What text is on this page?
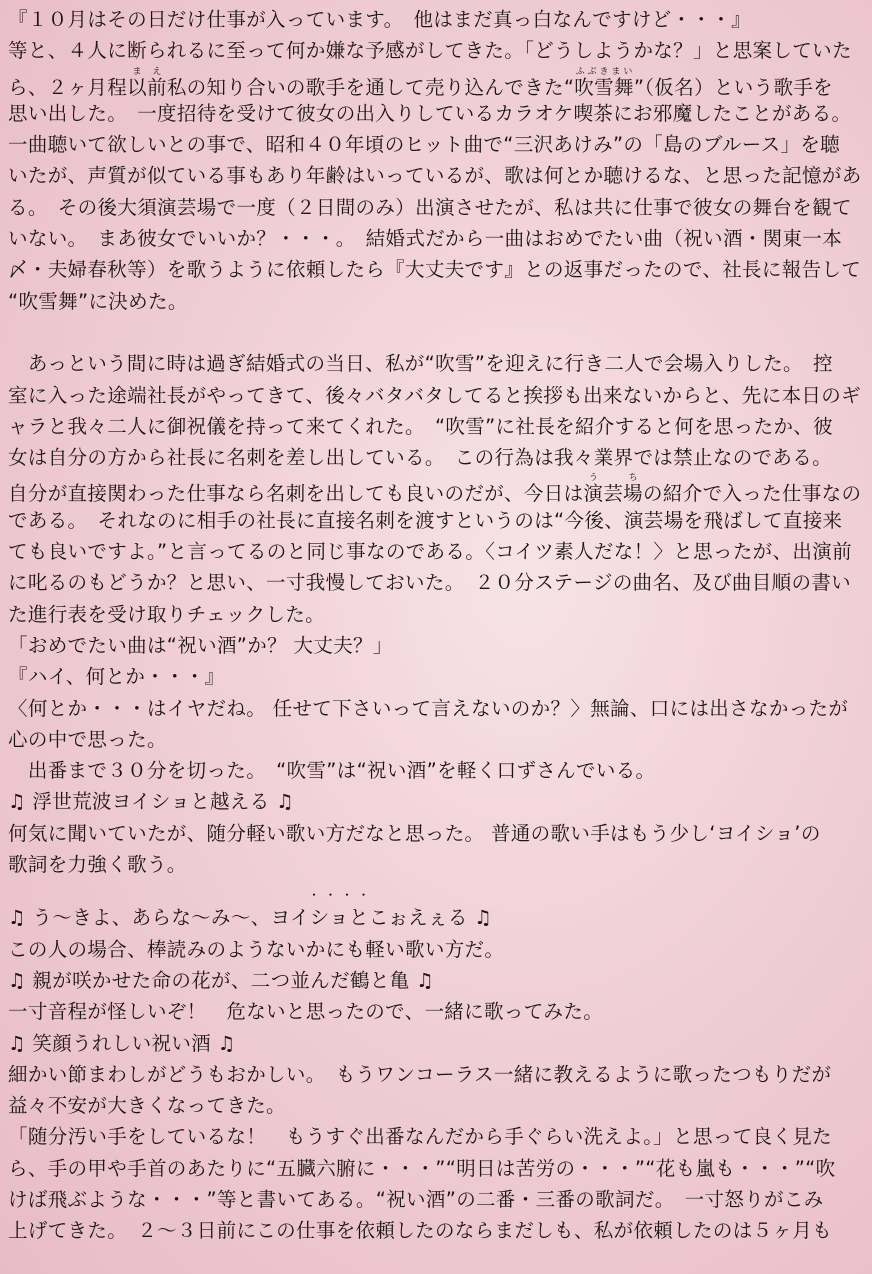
『１０月はその日だけ仕事が入っています。　他はまだ真っ白なんですけど・・・』
等と、４人に断られるに至って何か嫌な予感がしてきた。「どうしようかな？」と思案していた
ら、２ヶ月程以前まえ私の知り合いの歌手を通して売り込んできた“吹雪舞ふぶきまい”（仮名）という歌手を
思い出した。　一度招待を受けて彼女の出入りしているカラオケ喫茶にお邪魔したことがある。
一曲聴いて欲しいとの事で、昭和４０年頃のヒット曲で“三沢あけみ”の「島のブルース」を聴
いたが、声質が似ている事もあり年齢はいっているが、歌は何とか聴けるな、と思った記憶があ
る。　その後大須演芸場で一度（２日間のみ）出演させたが、私は共に仕事で彼女の舞台を観て
いない。　まあ彼女でいいか？・・・。　結婚式だから一曲はおめでたい曲（祝い酒・関東一本
〆・夫婦春秋等）を歌うように依頼したら『大丈夫です』との返事だったので、社長に報告して
“吹雪舞”に決めた。
　あっという間に時は過ぎ結婚式の当日、私が“吹雪”を迎えに行き二人で会場入りした。　控
室に入った途端社長がやってきて、後々バタバタしてると挨拶も出来ないからと、先に本日のギ
ャラと我々二人に御祝儀を持って来てくれた。　“吹雪”に社長を紹介すると何を思ったか、彼
女は自分の方から社長に名刺を差し出している。　この行為は我々業界では禁止なのである。
自分が直接関わった仕事なら名刺を出しても良いのだが、今日は演芸場う　ちの紹介で入った仕事なの
である。　それなのに相手の社長に直接名刺を渡すというのは“今後、演芸場を飛ばして直接来
ても良いですよ。”と言ってるのと同じ事なのである。〈コイツ素人だな！〉と思ったが、出演前
に叱るのもどうか？と思い、一寸我慢しておいた。　２０分ステージの曲名、及び曲目順の書い
た進行表を受け取りチェックした。
「おめでたい曲は“祝い酒”か？ 大丈夫？」
『ハイ、何とか・・・』
〈何とか・・・はイヤだね。 任せて下さいって言えないのか？〉無論、口には出さなかったが
心の中で思った。
　出番まで３０分を切った。　“吹雪”は“祝い酒”を軽く口ずさんでいる。
♫ 浮世荒波ヨイショと越える ♫
何気に聞いていたが、随分軽い歌い方だなと思った。 普通の歌い手はもう少し‘ヨイショ’の
歌詞を力強く歌う。
・ ・ ・ ・
♫ う～きよ、あらな～み～、ヨイショとこぉえぇる ♫
この人の場合、棒読みのようないかにも軽い歌い方だ。
♫ 親が咲かせた命の花が、二つ並んだ鶴と亀 ♫
一寸音程が怪しいぞ！　危ないと思ったので、一緒に歌ってみた。
♫ 笑顔うれしい祝い酒 ♫
細かい節まわしがどうもおかしい。　もうワンコーラス一緒に教えるように歌ったつもりだが
益々不安が大きくなってきた。
「随分汚い手をしているな！　もうすぐ出番なんだから手ぐらい洗えよ。」と思って良く見た
ら、手の甲や手首のあたりに“五臓六腑に・・・”“明日は苦労の・・・”“花も嵐も・・・”“吹
けば飛ぶような・・・”等と書いてある。“祝い酒”の二番・三番の歌詞だ。　一寸怒りがこみ
上げてきた。　２～３日前にこの仕事を依頼したのならまだしも、私が依頼したのは５ヶ月も
